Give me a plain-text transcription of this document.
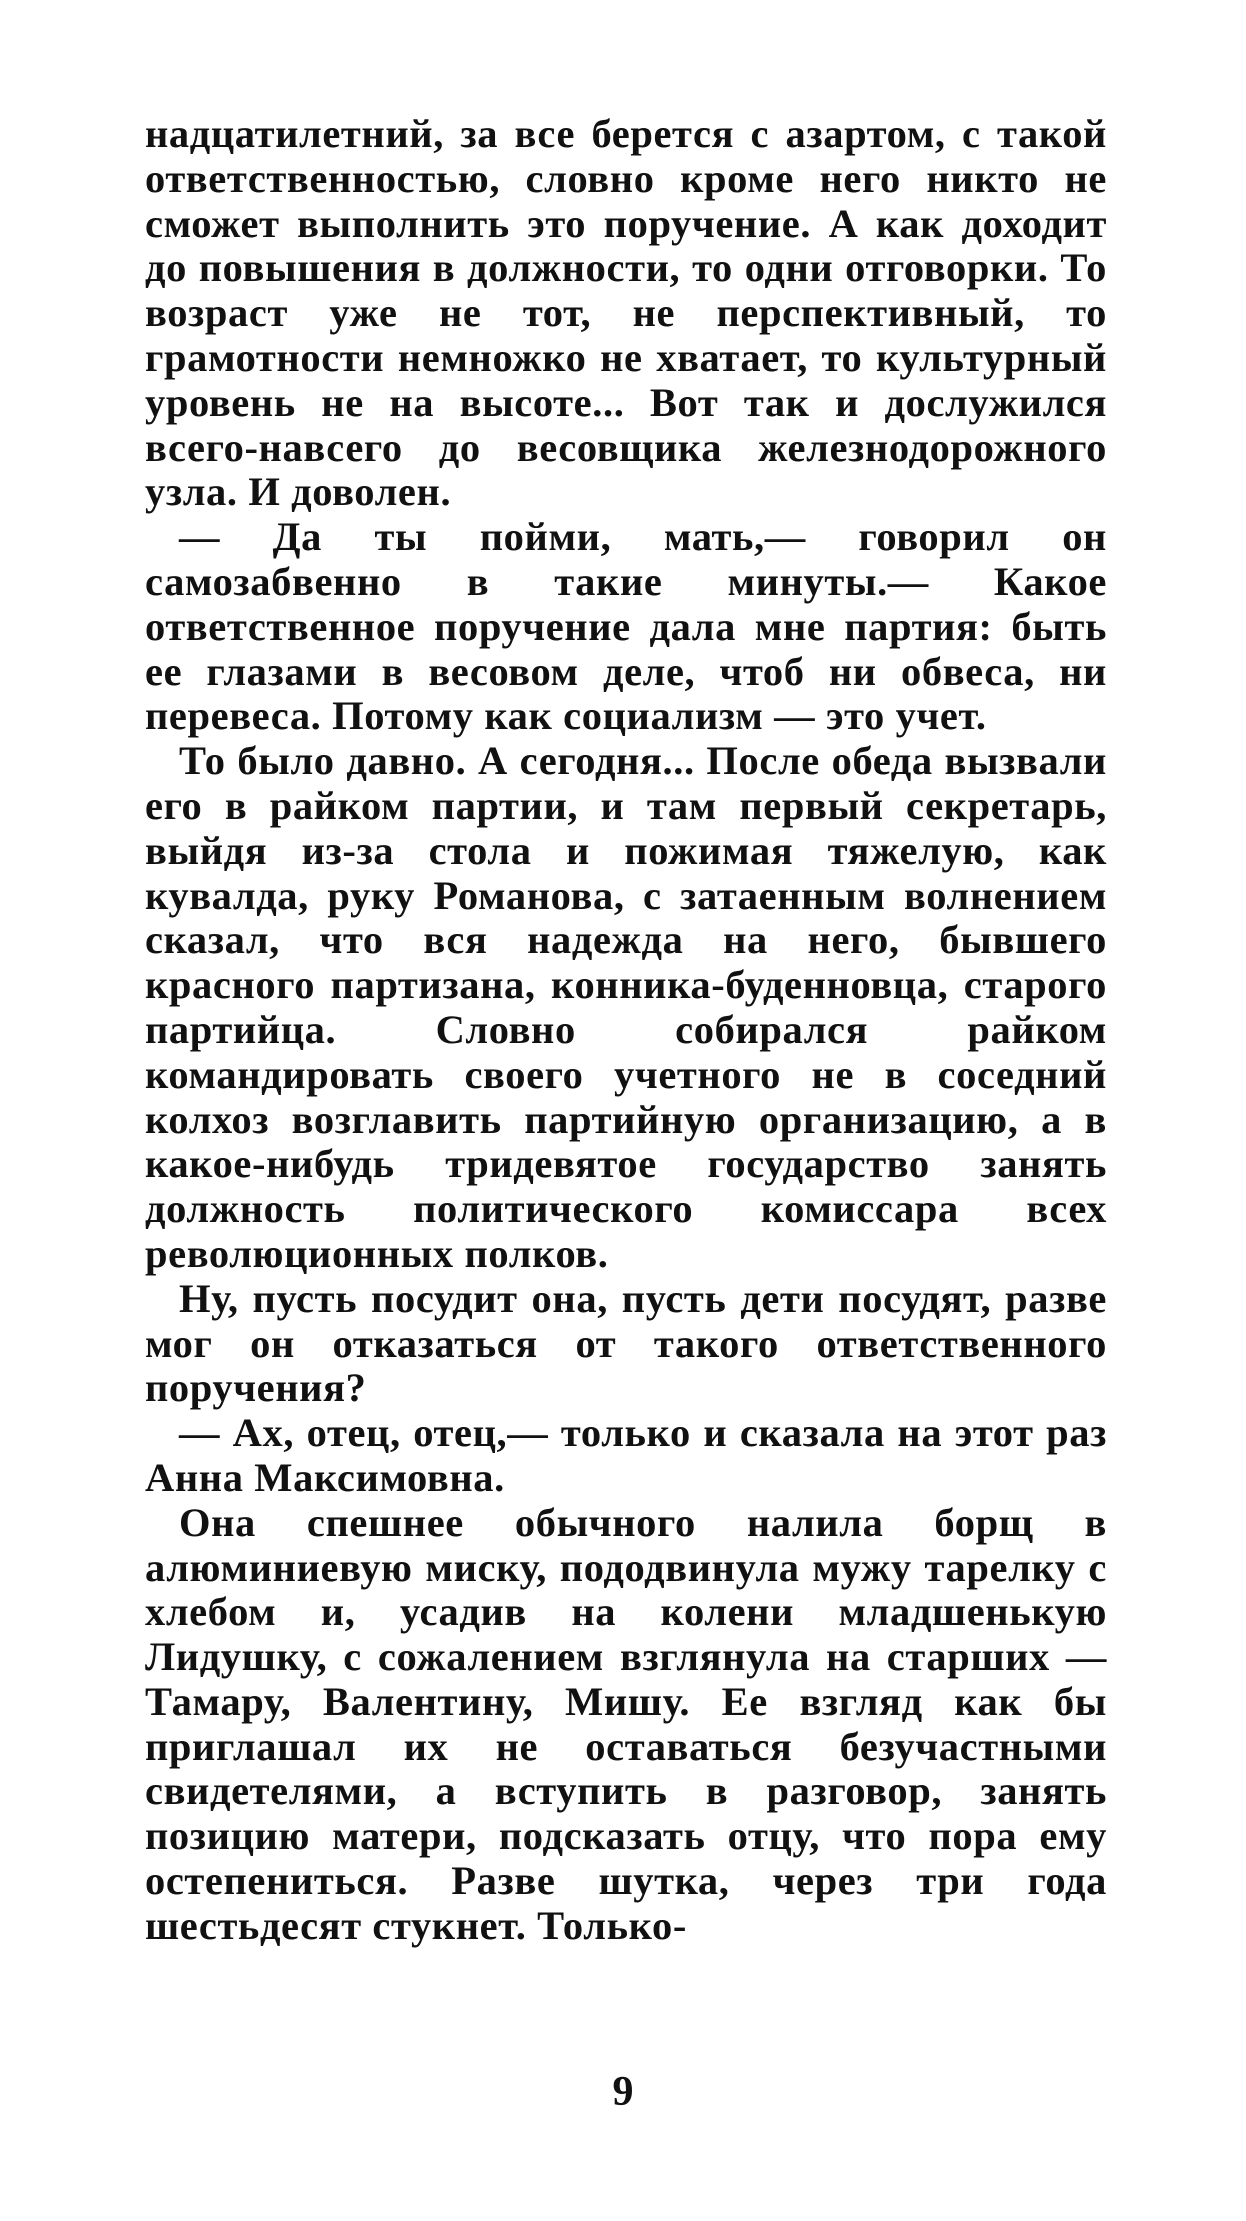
надцатилетний, за все берется с азартом, с такой ответственностью, словно кроме него никто не сможет выполнить это поручение. А как доходит до повышения в должности, то одни отговорки. То возраст уже не тот, не перспективный, то грамотности немножко не хватает, то культурный уровень не на высоте... Вот так и дослужился всего-навсего до весовщика железнодорожного узла. И доволен.

— Да ты пойми, мать,— говорил он самозабвенно в такие минуты.— Какое ответственное поручение дала мне партия: быть ее глазами в весовом деле, чтоб ни обвеса, ни перевеса. Потому как социализм — это учет.

То было давно. А сегодня... После обеда вызвали его в райком партии, и там первый секретарь, выйдя из-за стола и пожимая тяжелую, как кувалда, руку Романова, с затаенным волнением сказал, что вся надежда на него, бывшего красного партизана, конника-буденновца, старого партийца. Словно собирался райком командировать своего учетного не в соседний колхоз возглавить партийную организацию, а в какое-нибудь тридевятое государство занять должность политического комиссара всех революционных полков.

Ну, пусть посудит она, пусть дети посудят, разве мог он отказаться от такого ответственного поручения?

— Ах, отец, отец,— только и сказала на этот раз Анна Максимовна.

Она спешнее обычного налила борщ в алюминиевую миску, пододвинула мужу тарелку с хлебом и, усадив на колени младшенькую Лидушку, с сожалением взглянула на старших — Тамару, Валентину, Мишу. Ее взгляд как бы приглашал их не оставаться безучастными свидетелями, а вступить в разговор, занять позицию матери, подсказать отцу, что пора ему остепениться. Разве шутка, через три года шестьдесят стукнет. Только-

9
